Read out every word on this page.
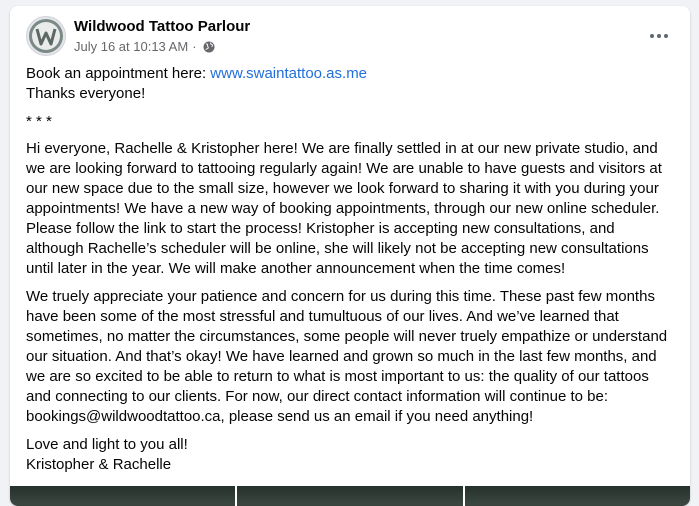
Wildwood Tattoo Parlour
July 16 at 10:13 AM ·

Book an appointment here: www.swaintattoo.as.me
Thanks everyone!

* * *

Hi everyone, Rachelle & Kristopher here! We are finally settled in at our new private studio, and we are looking forward to tattooing regularly again! We are unable to have guests and visitors at our new space due to the small size, however we look forward to sharing it with you during your appointments! We have a new way of booking appointments, through our new online scheduler. Please follow the link to start the process! Kristopher is accepting new consultations, and although Rachelle’s scheduler will be online, she will likely not be accepting new consultations until later in the year. We will make another announcement when the time comes!

We truely appreciate your patience and concern for us during this time. These past few months have been some of the most stressful and tumultuous of our lives. And we’ve learned that sometimes, no matter the circumstances, some people will never truely empathize or understand our situation. And that’s okay! We have learned and grown so much in the last few months, and we are so excited to be able to return to what is most important to us: the quality of our tattoos and connecting to our clients. For now, our direct contact information will continue to be: bookings@wildwoodtattoo.ca, please send us an email if you need anything!

Love and light to you all!
Kristopher & Rachelle
